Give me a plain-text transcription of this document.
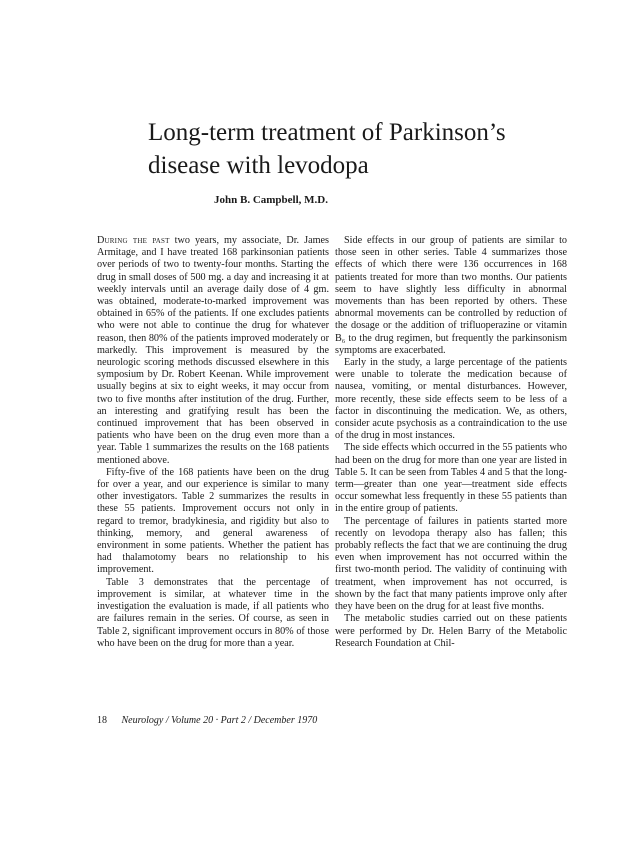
Long-term treatment of Parkinson’s disease with levodopa

John B. Campbell, M.D.

During the past two years, my associate, Dr. James Armitage, and I have treated 168 parkinsonian patients over periods of two to twenty-four months. Starting the drug in small doses of 500 mg. a day and increasing it at weekly intervals until an average daily dose of 4 gm. was obtained, moderate-to-marked improvement was obtained in 65% of the patients. If one excludes patients who were not able to continue the drug for whatever reason, then 80% of the patients improved moderately or markedly. This improvement is measured by the neurologic scoring methods discussed elsewhere in this symposium by Dr. Robert Keenan. While improvement usually begins at six to eight weeks, it may occur from two to five months after institution of the drug. Further, an interesting and gratifying result has been the continued improvement that has been observed in patients who have been on the drug even more than a year. Table 1 summarizes the results on the 168 patients mentioned above.

Fifty-five of the 168 patients have been on the drug for over a year, and our experience is similar to many other investigators. Table 2 summarizes the results in these 55 patients. Improvement occurs not only in regard to tremor, bradykinesia, and rigidity but also to thinking, memory, and general awareness of environment in some patients. Whether the patient has had thalamotomy bears no relationship to his improvement.

Table 3 demonstrates that the percentage of improvement is similar, at whatever time in the investigation the evaluation is made, if all patients who are failures remain in the series. Of course, as seen in Table 2, significant improvement occurs in 80% of those who have been on the drug for more than a year.

Side effects in our group of patients are similar to those seen in other series. Table 4 summarizes those effects of which there were 136 occurrences in 168 patients treated for more than two months. Our patients seem to have slightly less difficulty in abnormal movements than has been reported by others. These abnormal movements can be controlled by reduction of the dosage or the addition of trifluoperazine or vitamin B₆ to the drug regimen, but frequently the parkinsonism symptoms are exacerbated.

Early in the study, a large percentage of the patients were unable to tolerate the medication because of nausea, vomiting, or mental disturbances. However, more recently, these side effects seem to be less of a factor in discontinuing the medication. We, as others, consider acute psychosis as a contraindication to the use of the drug in most instances.

The side effects which occurred in the 55 patients who had been on the drug for more than one year are listed in Table 5. It can be seen from Tables 4 and 5 that the long-term—greater than one year—treatment side effects occur somewhat less frequently in these 55 patients than in the entire group of patients.

The percentage of failures in patients started more recently on levodopa therapy also has fallen; this probably reflects the fact that we are continuing the drug even when improvement has not occurred within the first two-month period. The validity of continuing with treatment, when improvement has not occurred, is shown by the fact that many patients improve only after they have been on the drug for at least five months.

The metabolic studies carried out on these patients were performed by Dr. Helen Barry of the Metabolic Research Foundation at Chil-

18 Neurology / Volume 20 · Part 2 / December 1970
